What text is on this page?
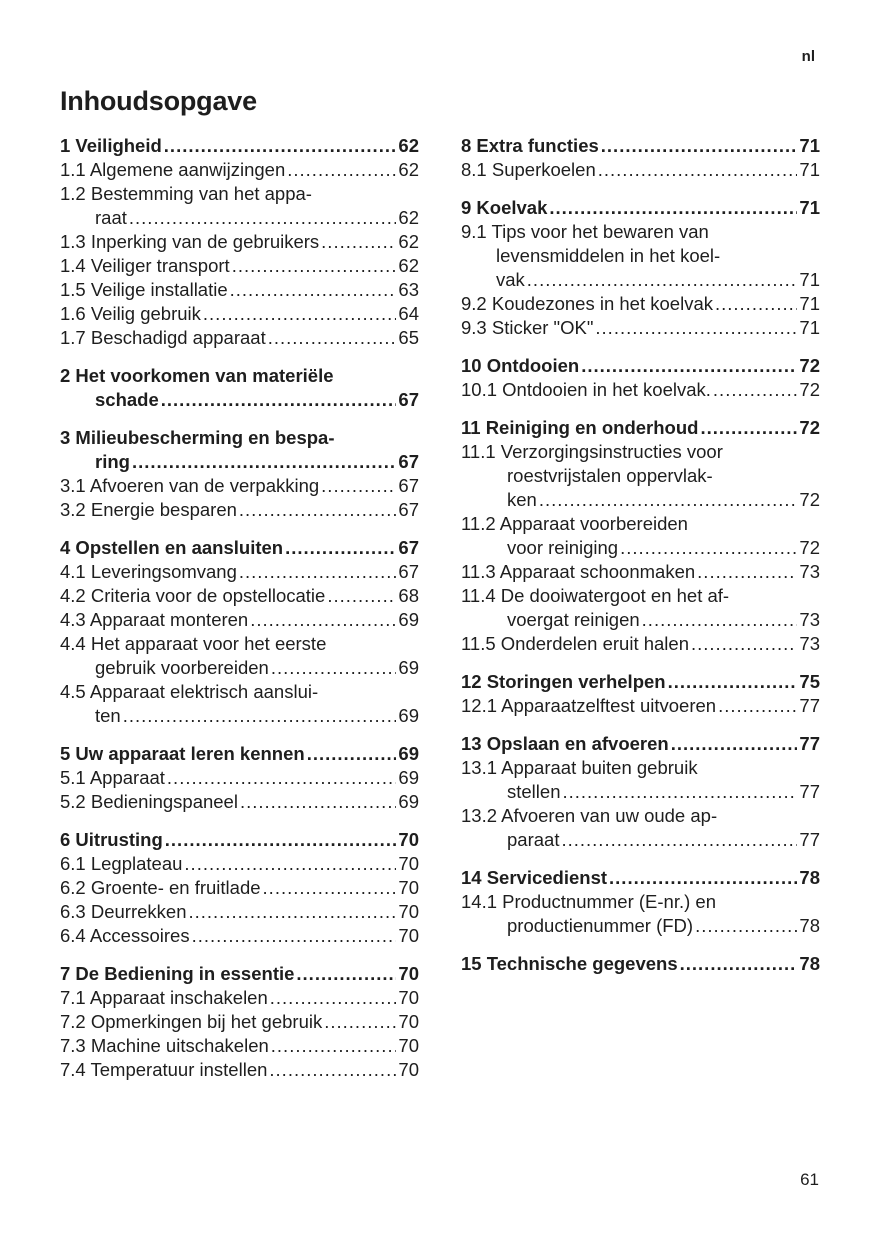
nl
Inhoudsopgave
1 Veiligheid .....	62
1.1 Algemene aanwijzingen .....	62
1.2 Bestemming van het appa-
raat .....	62
1.3 Inperking van de gebruikers .....	62
1.4 Veiliger transport .....	62
1.5 Veilige installatie .....	63
1.6 Veilig gebruik .....	64
1.7 Beschadigd apparaat .....	65
2 Het voorkomen van materiële
schade .....	67
3 Milieubescherming en bespa-
ring .....	67
3.1 Afvoeren van de verpakking .....	67
3.2 Energie besparen .....	67
4 Opstellen en aansluiten .....	67
4.1 Leveringsomvang .....	67
4.2 Criteria voor de opstellocatie .....	68
4.3 Apparaat monteren .....	69
4.4 Het apparaat voor het eerste
gebruik voorbereiden .....	69
4.5 Apparaat elektrisch aanslui-
ten .....	69
5 Uw apparaat leren kennen .....	69
5.1 Apparaat .....	69
5.2 Bedieningspaneel .....	69
6 Uitrusting .....	70
6.1 Legplateau .....	70
6.2 Groente- en fruitlade .....	70
6.3 Deurrekken .....	70
6.4 Accessoires .....	70
7 De Bediening in essentie .....	70
7.1 Apparaat inschakelen .....	70
7.2 Opmerkingen bij het gebruik .....	70
7.3 Machine uitschakelen .....	70
7.4 Temperatuur instellen .....	70
8 Extra functies .....	71
8.1 Superkoelen .....	71
9 Koelvak .....	71
9.1 Tips voor het bewaren van
levensmiddelen in het koel-
vak .....	71
9.2 Koudezones in het koelvak .....	71
9.3 Sticker "OK" .....	71
10 Ontdooien .....	72
10.1 Ontdooien in het koelvak. .....	72
11 Reiniging en onderhoud .....	72
11.1 Verzorgingsinstructies voor
roestvrijstalen oppervlak-
ken .....	72
11.2 Apparaat voorbereiden
voor reiniging .....	72
11.3 Apparaat schoonmaken .....	73
11.4 De dooiwatergoot en het af-
voergat reinigen .....	73
11.5 Onderdelen eruit halen .....	73
12 Storingen verhelpen .....	75
12.1 Apparaatzelftest uitvoeren .....	77
13 Opslaan en afvoeren .....	77
13.1 Apparaat buiten gebruik
stellen .....	77
13.2 Afvoeren van uw oude ap-
paraat .....	77
14 Servicedienst .....	78
14.1 Productnummer (E-nr.) en
productienummer (FD) .....	78
15 Technische gegevens .....	78
61
